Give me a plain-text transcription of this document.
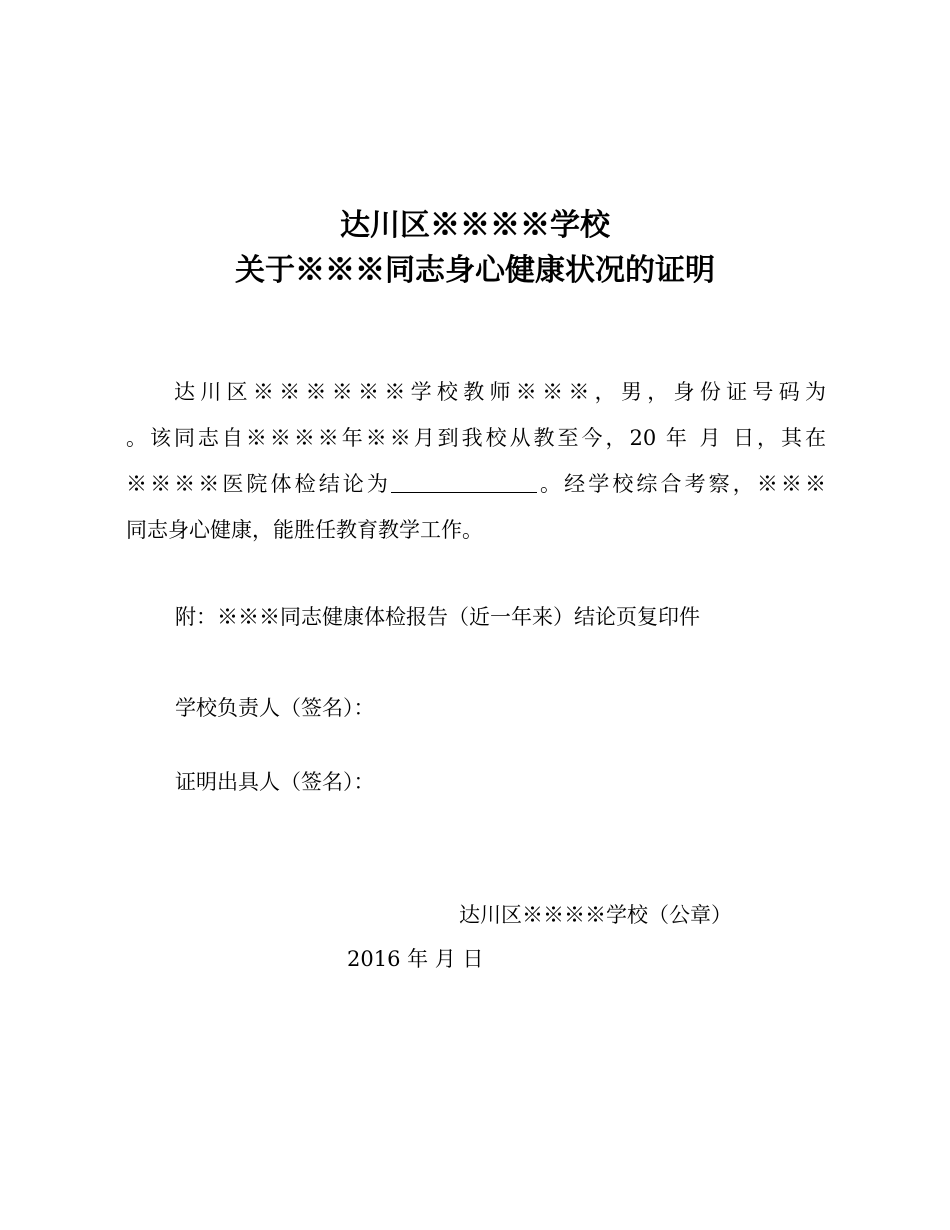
达川区※※※※学校
关于※※※同志身心健康状况的证明
达川区※※※※※※学校教师※※※，男，身份证号码为
。该同志自※※※※年※※月到我校从教至今，20 年 月 日，其在
※※※※医院体检结论为	。经学校综合考察，※※※
同志身心健康，能胜任教育教学工作。
附：※※※同志健康体检报告（近一年来）结论页复印件
学校负责人（签名）：
证明出具人（签名）：
达川区※※※※学校（公章）
2016 年 月 日
